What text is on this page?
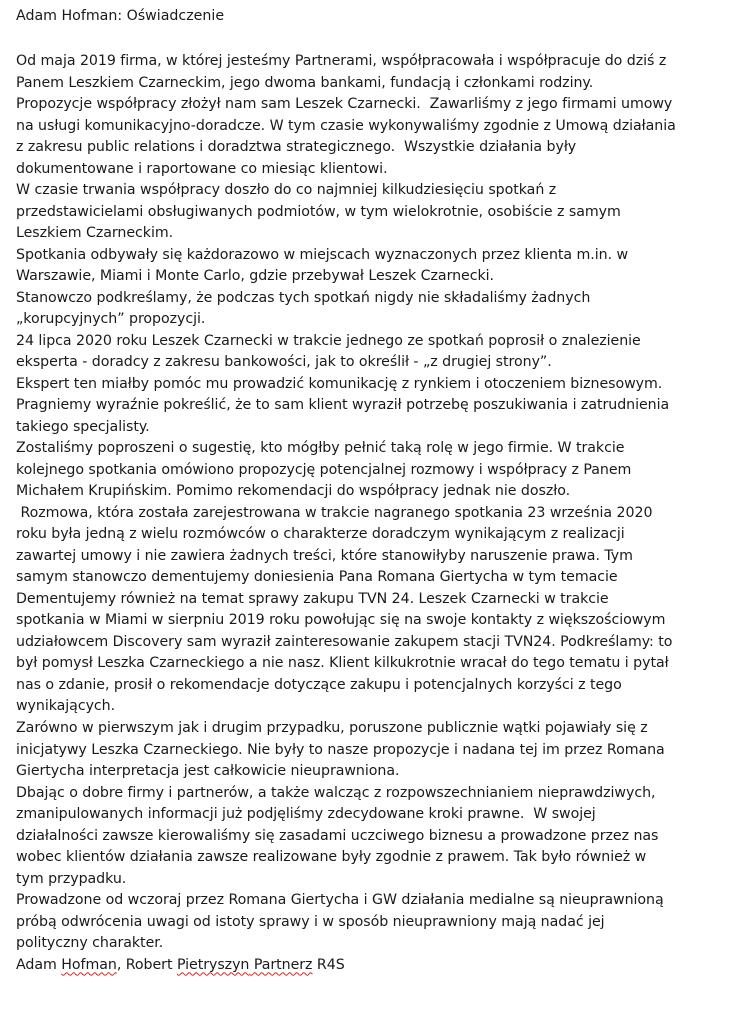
Adam Hofman: Oświadczenie
Od maja 2019 firma, w której jesteśmy Partnerami, współpracowała i współpracuje do dziś z
Panem Leszkiem Czarneckim, jego dwoma bankami, fundacją i członkami rodziny.
Propozycje współpracy złożył nam sam Leszek Czarnecki.  Zawarliśmy z jego firmami umowy
na usługi komunikacyjno-doradcze. W tym czasie wykonywaliśmy zgodnie z Umową działania
z zakresu public relations i doradztwa strategicznego.  Wszystkie działania były
dokumentowane i raportowane co miesiąc klientowi.
W czasie trwania współpracy doszło do co najmniej kilkudziesięciu spotkań z
przedstawicielami obsługiwanych podmiotów, w tym wielokrotnie, osobiście z samym
Leszkiem Czarneckim.
Spotkania odbywały się każdorazowo w miejscach wyznaczonych przez klienta m.in. w
Warszawie, Miami i Monte Carlo, gdzie przebywał Leszek Czarnecki.
Stanowczo podkreślamy, że podczas tych spotkań nigdy nie składaliśmy żadnych
„korupcyjnych” propozycji.
24 lipca 2020 roku Leszek Czarnecki w trakcie jednego ze spotkań poprosił o znalezienie
eksperta - doradcy z zakresu bankowości, jak to określił - „z drugiej strony”.
Ekspert ten miałby pomóc mu prowadzić komunikację z rynkiem i otoczeniem biznesowym.
Pragniemy wyraźnie pokreślić, że to sam klient wyraził potrzebę poszukiwania i zatrudnienia
takiego specjalisty.
Zostaliśmy poproszeni o sugestię, kto mógłby pełnić taką rolę w jego firmie. W trakcie
kolejnego spotkania omówiono propozycję potencjalnej rozmowy i współpracy z Panem
Michałem Krupińskim. Pomimo rekomendacji do współpracy jednak nie doszło.
Rozmowa, która została zarejestrowana w trakcie nagranego spotkania 23 września 2020
roku była jedną z wielu rozmówców o charakterze doradczym wynikającym z realizacji
zawartej umowy i nie zawiera żadnych treści, które stanowiłyby naruszenie prawa. Tym
samym stanowczo dementujemy doniesienia Pana Romana Giertycha w tym temacie
Dementujemy również na temat sprawy zakupu TVN 24. Leszek Czarnecki w trakcie
spotkania w Miami w sierpniu 2019 roku powołując się na swoje kontakty z większościowym
udziałowcem Discovery sam wyraził zainteresowanie zakupem stacji TVN24. Podkreślamy: to
był pomysł Leszka Czarneckiego a nie nasz. Klient kilkukrotnie wracał do tego tematu i pytał
nas o zdanie, prosił o rekomendacje dotyczące zakupu i potencjalnych korzyści z tego
wynikających.
Zarówno w pierwszym jak i drugim przypadku, poruszone publicznie wątki pojawiały się z
inicjatywy Leszka Czarneckiego. Nie były to nasze propozycje i nadana tej im przez Romana
Giertycha interpretacja jest całkowicie nieuprawniona.
Dbając o dobre firmy i partnerów, a także walcząc z rozpowszechnianiem nieprawdziwych,
zmanipulowanych informacji już podjęliśmy zdecydowane kroki prawne.  W swojej
działalności zawsze kierowaliśmy się zasadami uczciwego biznesu a prowadzone przez nas
wobec klientów działania zawsze realizowane były zgodnie z prawem. Tak było również w
tym przypadku.
Prowadzone od wczoraj przez Romana Giertycha i GW działania medialne są nieuprawnioną
próbą odwrócenia uwagi od istoty sprawy i w sposób nieuprawniony mają nadać jej
polityczny charakter.
Adam Hofman, Robert Pietryszyn Partnerz R4S
